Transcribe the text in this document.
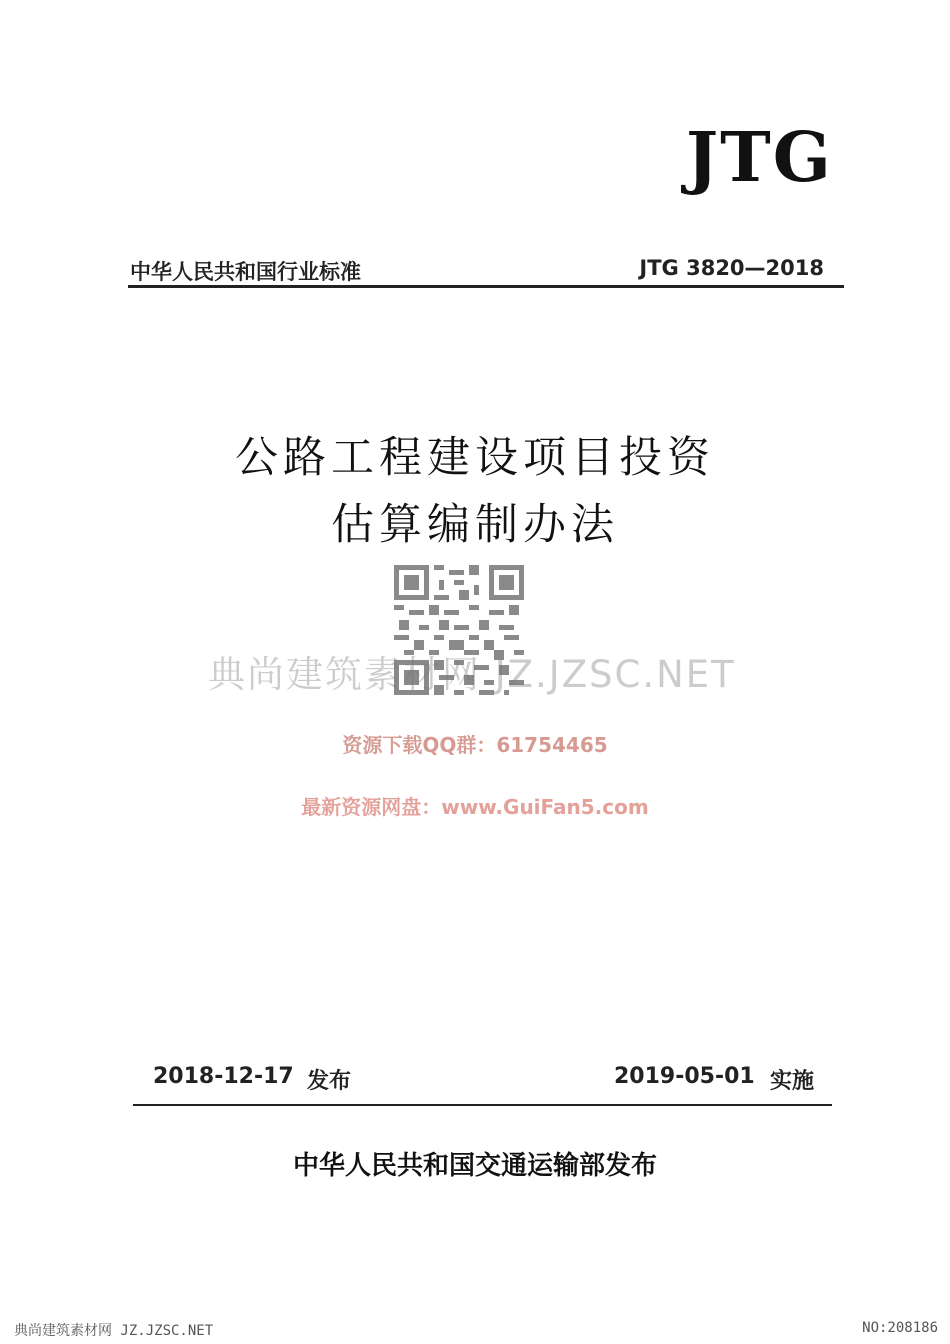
JTG
中华人民共和国行业标准	JTG 3820—2018
公路工程建设项目投资
估算编制办法
典尚建筑素材网 JZ.JZSC.NET
资源下载QQ群：61754465
最新资源网盘：www.GuiFan5.com
2018-12-17 发布	2019-05-01 实施
中华人民共和国交通运输部发布
典尚建筑素材网 JZ.JZSC.NET	NO:208186
